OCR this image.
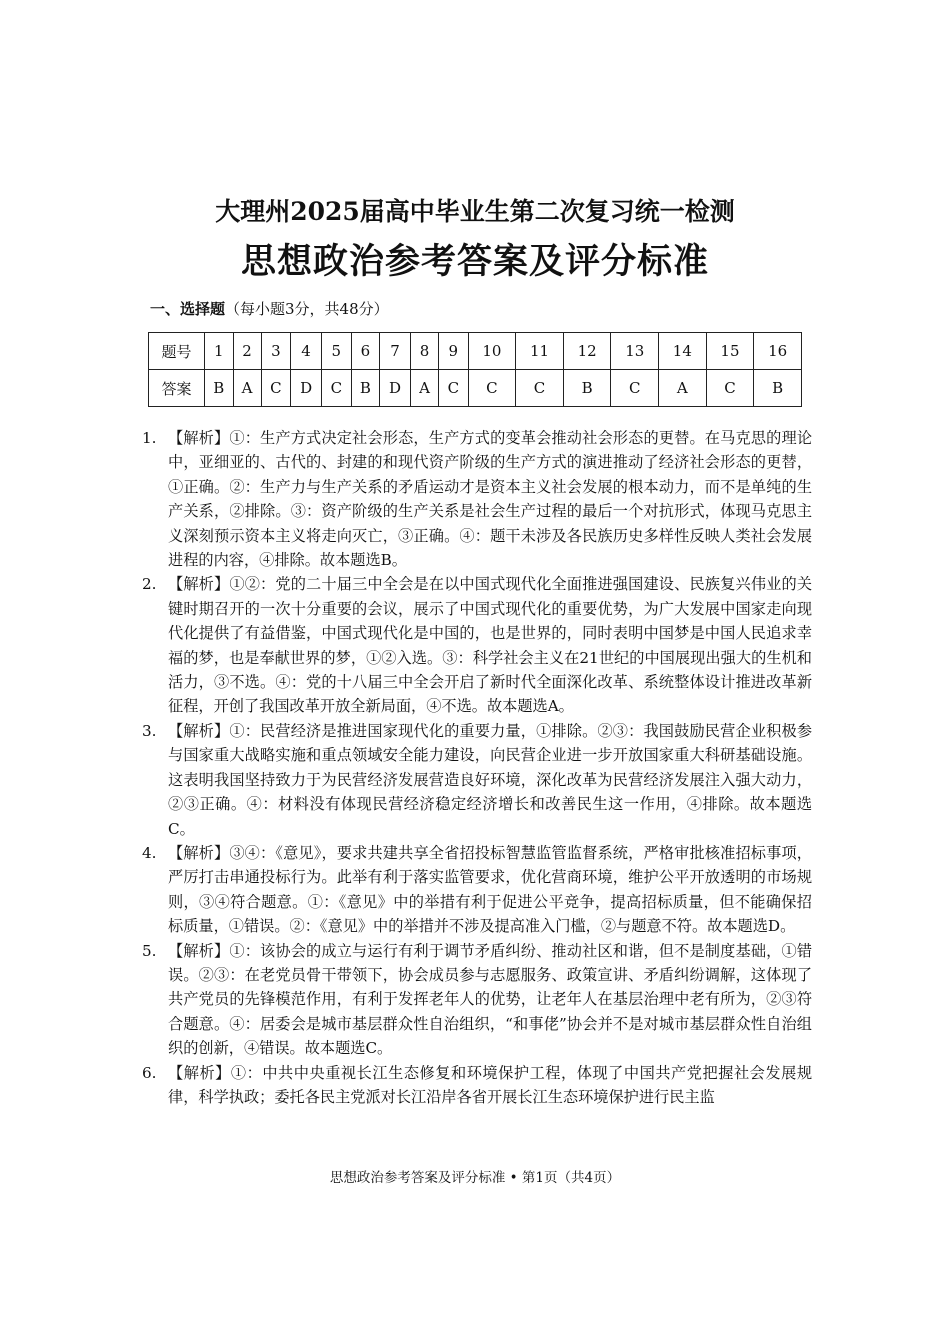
大理州2025届高中毕业生第二次复习统一检测
思想政治参考答案及评分标准
一、选择题（每小题3分，共48分）
题号	1	2	3	4	5	6	7	8	9	10	11	12	13	14	15	16
答案	B	A	C	D	C	B	D	A	C	C	C	B	C	A	C	B
1. 【解析】①：生产方式决定社会形态，生产方式的变革会推动社会形态的更替。在马克思的理论中，亚细亚的、古代的、封建的和现代资产阶级的生产方式的演进推动了经济社会形态的更替，①正确。②：生产力与生产关系的矛盾运动才是资本主义社会发展的根本动力，而不是单纯的生产关系，②排除。③：资产阶级的生产关系是社会生产过程的最后一个对抗形式，体现马克思主义深刻预示资本主义将走向灭亡，③正确。④：题干未涉及各民族历史多样性反映人类社会发展进程的内容，④排除。故本题选B。
2. 【解析】①②：党的二十届三中全会是在以中国式现代化全面推进强国建设、民族复兴伟业的关键时期召开的一次十分重要的会议，展示了中国式现代化的重要优势，为广大发展中国家走向现代化提供了有益借鉴，中国式现代化是中国的，也是世界的，同时表明中国梦是中国人民追求幸福的梦，也是奉献世界的梦，①②入选。③：科学社会主义在21世纪的中国展现出强大的生机和活力，③不选。④：党的十八届三中全会开启了新时代全面深化改革、系统整体设计推进改革新征程，开创了我国改革开放全新局面，④不选。故本题选A。
3. 【解析】①：民营经济是推进国家现代化的重要力量，①排除。②③：我国鼓励民营企业积极参与国家重大战略实施和重点领域安全能力建设，向民营企业进一步开放国家重大科研基础设施。这表明我国坚持致力于为民营经济发展营造良好环境，深化改革为民营经济发展注入强大动力，②③正确。④：材料没有体现民营经济稳定经济增长和改善民生这一作用，④排除。故本题选C。
4. 【解析】③④：《意见》，要求共建共享全省招投标智慧监管监督系统，严格审批核准招标事项，严厉打击串通投标行为。此举有利于落实监管要求，优化营商环境，维护公平开放透明的市场规则，③④符合题意。①：《意见》中的举措有利于促进公平竞争，提高招标质量，但不能确保招标质量，①错误。②：《意见》中的举措并不涉及提高准入门槛，②与题意不符。故本题选D。
5. 【解析】①：该协会的成立与运行有利于调节矛盾纠纷、推动社区和谐，但不是制度基础，①错误。②③：在老党员骨干带领下，协会成员参与志愿服务、政策宣讲、矛盾纠纷调解，这体现了共产党员的先锋模范作用，有利于发挥老年人的优势，让老年人在基层治理中老有所为，②③符合题意。④：居委会是城市基层群众性自治组织，“和事佬”协会并不是对城市基层群众性自治组织的创新，④错误。故本题选C。
6. 【解析】①：中共中央重视长江生态修复和环境保护工程，体现了中国共产党把握社会发展规律，科学执政；委托各民主党派对长江沿岸各省开展长江生态环境保护进行民主监
思想政治参考答案及评分标准 • 第1页（共4页）
